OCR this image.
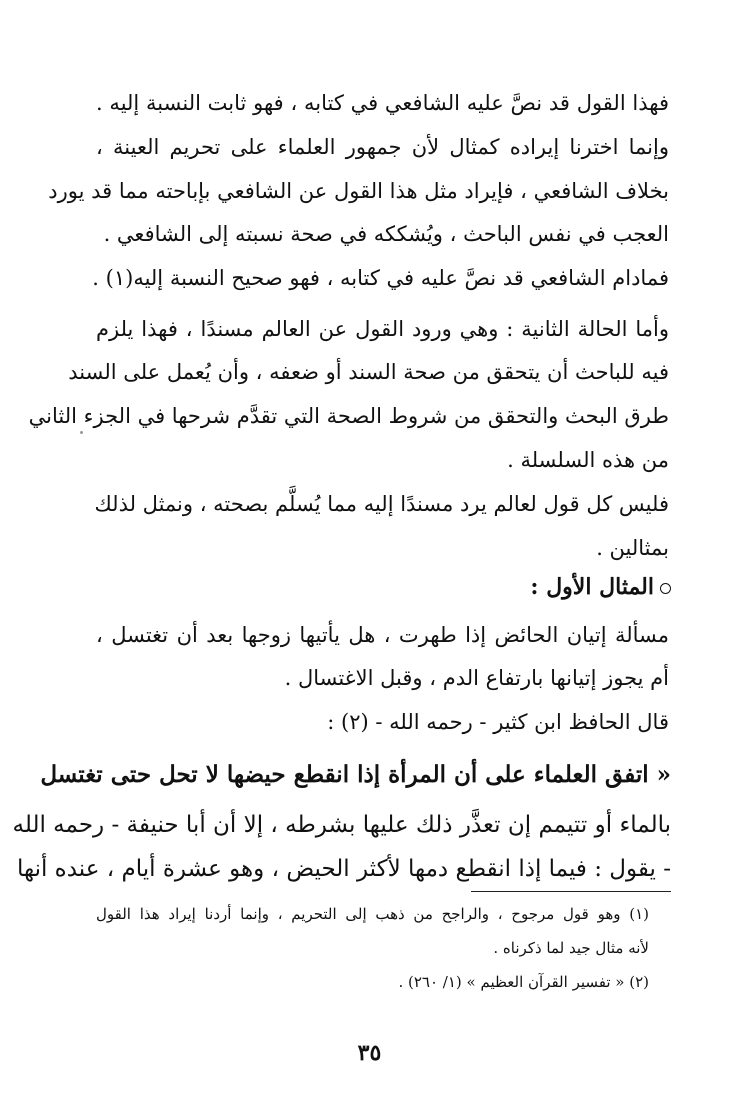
فهذا القول قد نصَّ عليه الشافعي في كتابه ، فهو ثابت النسبة إليه .
وإنما اخترنا إيراده كمثال لأن جمهور العلماء على تحريم العينة ،
بخلاف الشافعي ، فإيراد مثل هذا القول عن الشافعي بإباحته مما قد يورد
العجب في نفس الباحث ، ويُشككه في صحة نسبته إلى الشافعي .
فمادام الشافعي قد نصَّ عليه في كتابه ، فهو صحيح النسبة إليه(١) .
وأما الحالة الثانية : وهي ورود القول عن العالم مسندًا ، فهذا يلزم
فيه للباحث أن يتحقق من صحة السند أو ضعفه ، وأن يُعمل على السند
طرق البحث والتحقق من شروط الصحة التي تقدَّم شرحها في الجزء الثاني
من هذه السلسلة .
فليس كل قول لعالم يرد مسندًا إليه مما يُسلَّم بصحته ، ونمثل لذلك
بمثالين .
المثال الأول :
مسألة إتيان الحائض إذا طهرت ، هل يأتيها زوجها بعد أن تغتسل ،
أم يجوز إتيانها بارتفاع الدم ، وقبل الاغتسال .
قال الحافظ ابن كثير - رحمه الله - (٢) :
« اتفق العلماء على أن المرأة إذا انقطع حيضها لا تحل حتى تغتسل
بالماء أو تتيمم إن تعذَّر ذلك عليها بشرطه ، إلا أن أبا حنيفة - رحمه الله
- يقول : فيما إذا انقطع دمها لأكثر الحيض ، وهو عشرة أيام ، عنده أنها
(١) وهو قول مرجوح ، والراجح من ذهب إلى التحريم ، وإنما أردنا إيراد هذا القول
لأنه مثال جيد لما ذكرناه .
(٢) « تفسير القرآن العظيم » (١/ ٢٦٠) .
٣٥
